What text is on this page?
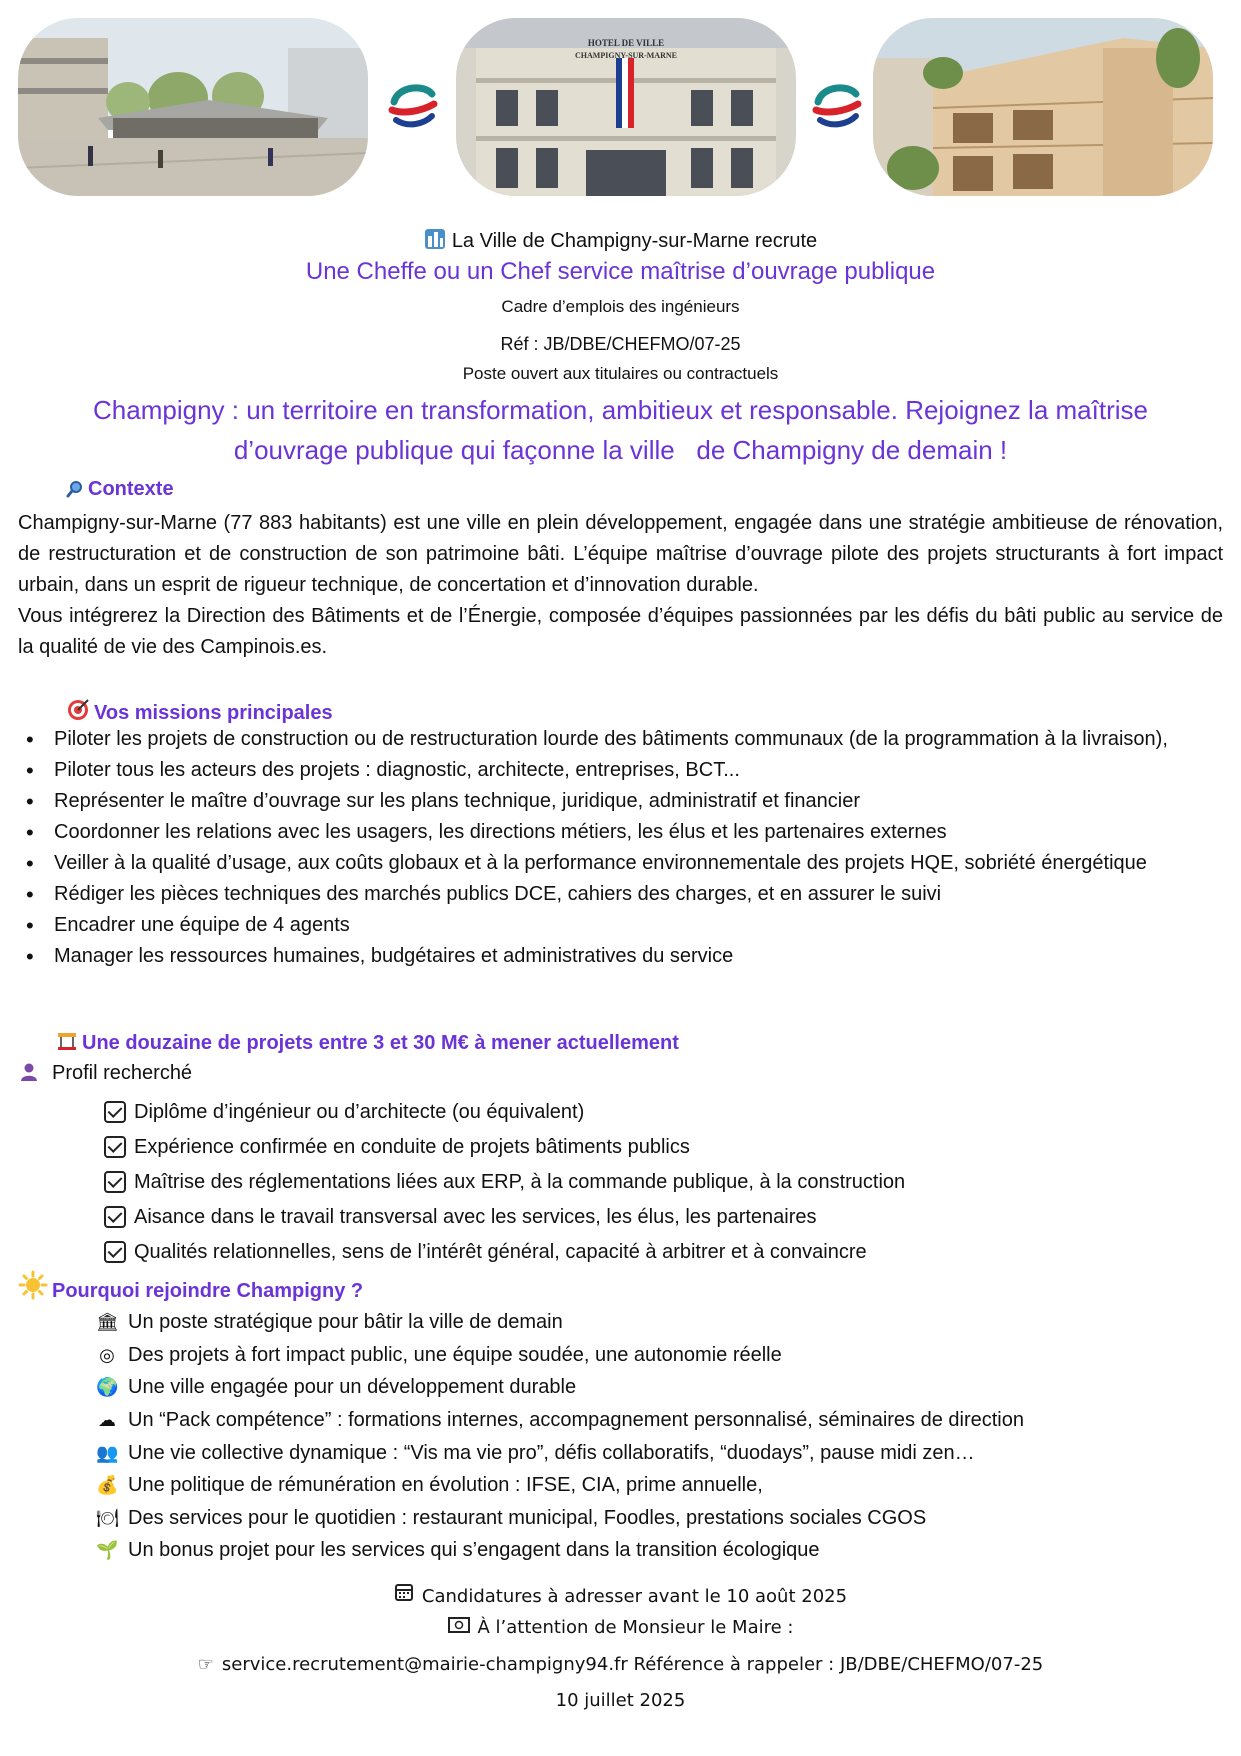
HOTEL DE VILLE
CHAMPIGNY-SUR-MARNE
La Ville de Champigny-sur-Marne recrute
Une Cheffe ou un Chef service maîtrise d’ouvrage publique
Cadre d’emplois des ingénieurs
Réf : JB/DBE/CHEFMO/07-25
Poste ouvert aux titulaires ou contractuels
Champigny : un territoire en transformation, ambitieux et responsable. Rejoignez la maîtrise
d’ouvrage publique qui façonne la ville   de Champigny de demain !
Contexte

Champigny-sur-Marne (77 883 habitants) est une ville en plein développement, engagée dans une stratégie ambitieuse de rénovation, de restructuration et de construction de son patrimoine bâti. L’équipe maîtrise d’ouvrage pilote des projets structurants à fort impact urbain, dans un esprit de rigueur technique, de concertation et d’innovation durable.

Vous intégrerez la Direction des Bâtiments et de l’Énergie, composée d’équipes passionnées par les défis du bâti public au service de la qualité de vie des Campinois.es.

Vos missions principales
• Piloter les projets de construction ou de restructuration lourde des bâtiments communaux (de la programmation à la livraison),
• Piloter tous les acteurs des projets : diagnostic, architecte, entreprises, BCT...
• Représenter le maître d’ouvrage sur les plans technique, juridique, administratif et financier
• Coordonner les relations avec les usagers, les directions métiers, les élus et les partenaires externes
• Veiller à la qualité d’usage, aux coûts globaux et à la performance environnementale des projets HQE, sobriété énergétique
• Rédiger les pièces techniques des marchés publics DCE, cahiers des charges, et en assurer le suivi
• Encadrer une équipe de 4 agents
• Manager les ressources humaines, budgétaires et administratives du service
Une douzaine de projets entre 3 et 30 M€ à mener actuellement
Profil recherché
Diplôme d’ingénieur ou d’architecte (ou équivalent)
Expérience confirmée en conduite de projets bâtiments publics
Maîtrise des réglementations liées aux ERP, à la commande publique, à la construction
Aisance dans le travail transversal avec les services, les élus, les partenaires
Qualités relationnelles, sens de l’intérêt général, capacité à arbitrer et à convaincre
Pourquoi rejoindre Champigny ?
🏛 Un poste stratégique pour bâtir la ville de demain
◎ Des projets à fort impact public, une équipe soudée, une autonomie réelle
🌍 Une ville engagée pour un développement durable
☁ Un “Pack compétence” : formations internes, accompagnement personnalisé, séminaires de direction
👥 Une vie collective dynamique : “Vis ma vie pro”, défis collaboratifs, “duodays”, pause midi zen…
💰 Une politique de rémunération en évolution : IFSE, CIA, prime annuelle,
🍽 Des services pour le quotidien : restaurant municipal, Foodles, prestations sociales CGOS
🌱 Un bonus projet pour les services qui s’engagent dans la transition écologique
Candidatures à adresser avant le 10 août 2025
À l’attention de Monsieur le Maire :
☞ service.recrutement@mairie-champigny94.fr Référence à rappeler : JB/DBE/CHEFMO/07-25
10 juillet 2025
